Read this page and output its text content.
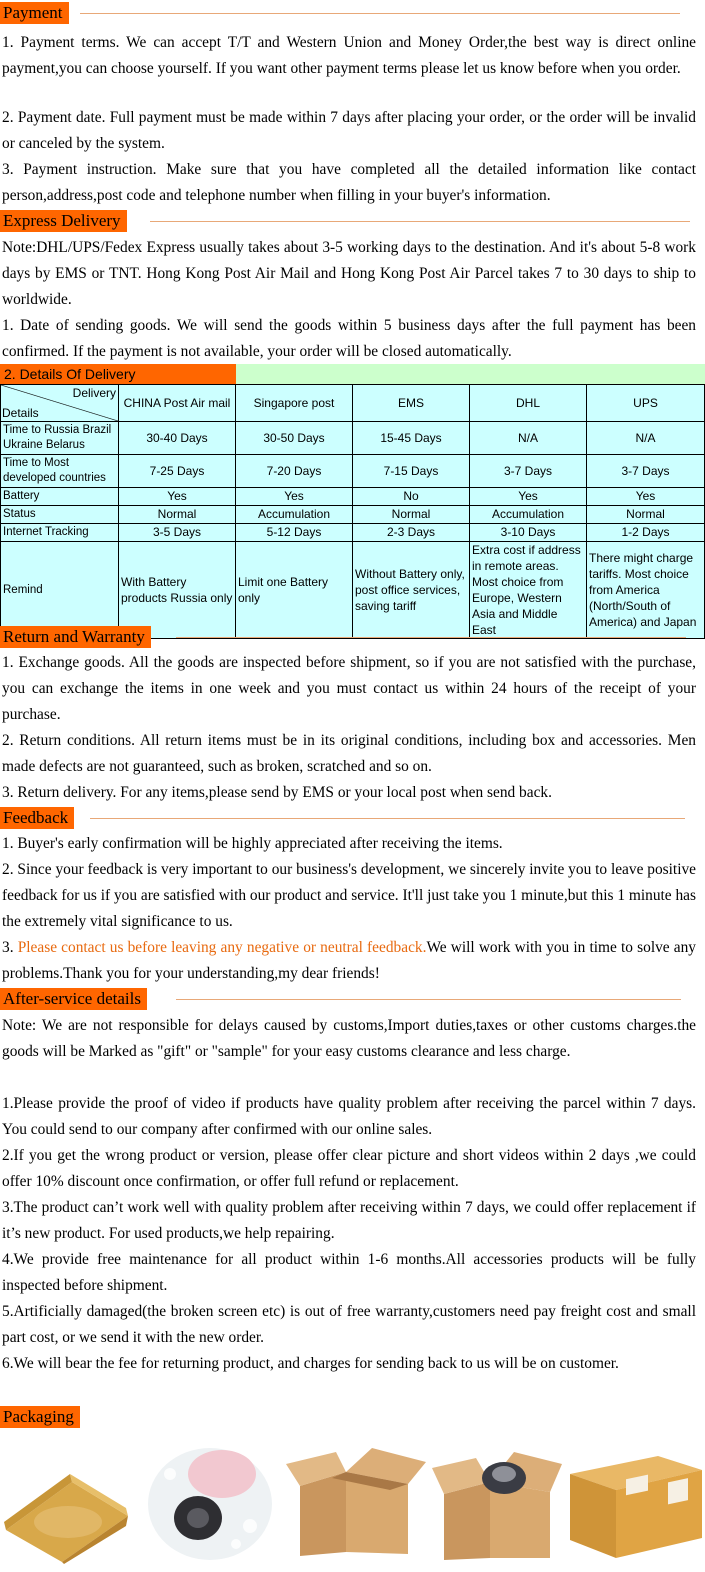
Payment

1. Payment terms. We can accept T/T and Western Union and Money Order,the best way is direct online payment,you can choose yourself. If you want other payment terms please let us know before when you order.

2. Payment date. Full payment must be made within 7 days after placing your order, or the order will be invalid or canceled by the system.

3. Payment instruction. Make sure that you have completed all the detailed information like contact person,address,post code and telephone number when filling in your buyer's information.

Express Delivery

Note:DHL/UPS/Fedex Express usually takes about 3-5 working days to the destination. And it's about 5-8 work days by EMS or TNT. Hong Kong Post Air Mail and Hong Kong Post Air Parcel takes 7 to 30 days to ship to worldwide.

1. Date of sending goods. We will send the goods within 5 business days after the full payment has been confirmed. If the payment is not available, your order will be closed automatically.

2. Details Of Delivery
Delivery
Details	CHINA Post Air mail	Singapore post	EMS	DHL	UPS
Time to Russia Brazil Ukraine Belarus	30-40 Days	30-50 Days	15-45 Days	N/A	N/A
Time to Most developed countries	7-25 Days	7-20 Days	7-15 Days	3-7 Days	3-7 Days
Battery	Yes	Yes	No	Yes	Yes
Status	Normal	Accumulation	Normal	Accumulation	Normal
Internet Tracking	3-5 Days	5-12 Days	2-3 Days	3-10 Days	1-2 Days
Remind	With Battery products Russia only	Limit one Battery only	Without Battery only, post office services, saving tariff	Extra cost if address in remote areas. Most choice from Europe, Western Asia and Middle East	There might charge tariffs. Most choice from America (North/South of America) and Japan
Return and Warranty

1. Exchange goods. All the goods are inspected before shipment, so if you are not satisfied with the purchase, you can exchange the items in one week and you must contact us within 24 hours of the receipt of your purchase.

2. Return conditions. All return items must be in its original conditions, including box and accessories. Men made defects are not guaranteed, such as broken, scratched and so on.

3. Return delivery. For any items,please send by EMS or your local post when send back.

Feedback

1. Buyer's early confirmation will be highly appreciated after receiving the items.

2. Since your feedback is very important to our business's development, we sincerely invite you to leave positive feedback for us if you are satisfied with our product and service. It'll just take you 1 minute,but this 1 minute has the extremely vital significance to us.

3. Please contact us before leaving any negative or neutral feedback.We will work with you in time to solve any problems.Thank you for your understanding,my dear friends!

After-service details

Note: We are not responsible for delays caused by customs,Import duties,taxes or other customs charges.the goods will be Marked as "gift" or "sample" for your easy customs clearance and less charge.

1.Please provide the proof of video if products have quality problem after receiving the parcel within 7 days. You could send to our company after confirmed with our online sales.

2.If you get the wrong product or version, please offer clear picture and short videos within 2 days ,we could offer 10% discount once confirmation, or offer full refund or replacement.

3.The product can’t work well with quality problem after receiving within 7 days, we could offer replacement if it’s new product. For used products,we help repairing.

4.We provide free maintenance for all product within 1-6 months.All accessories products will be fully inspected before shipment.

5.Artificially damaged(the broken screen etc) is out of free warranty,customers need pay freight cost and small part cost, or we send it with the new order.

6.We will bear the fee for returning product, and charges for sending back to us will be on customer.

Packaging
